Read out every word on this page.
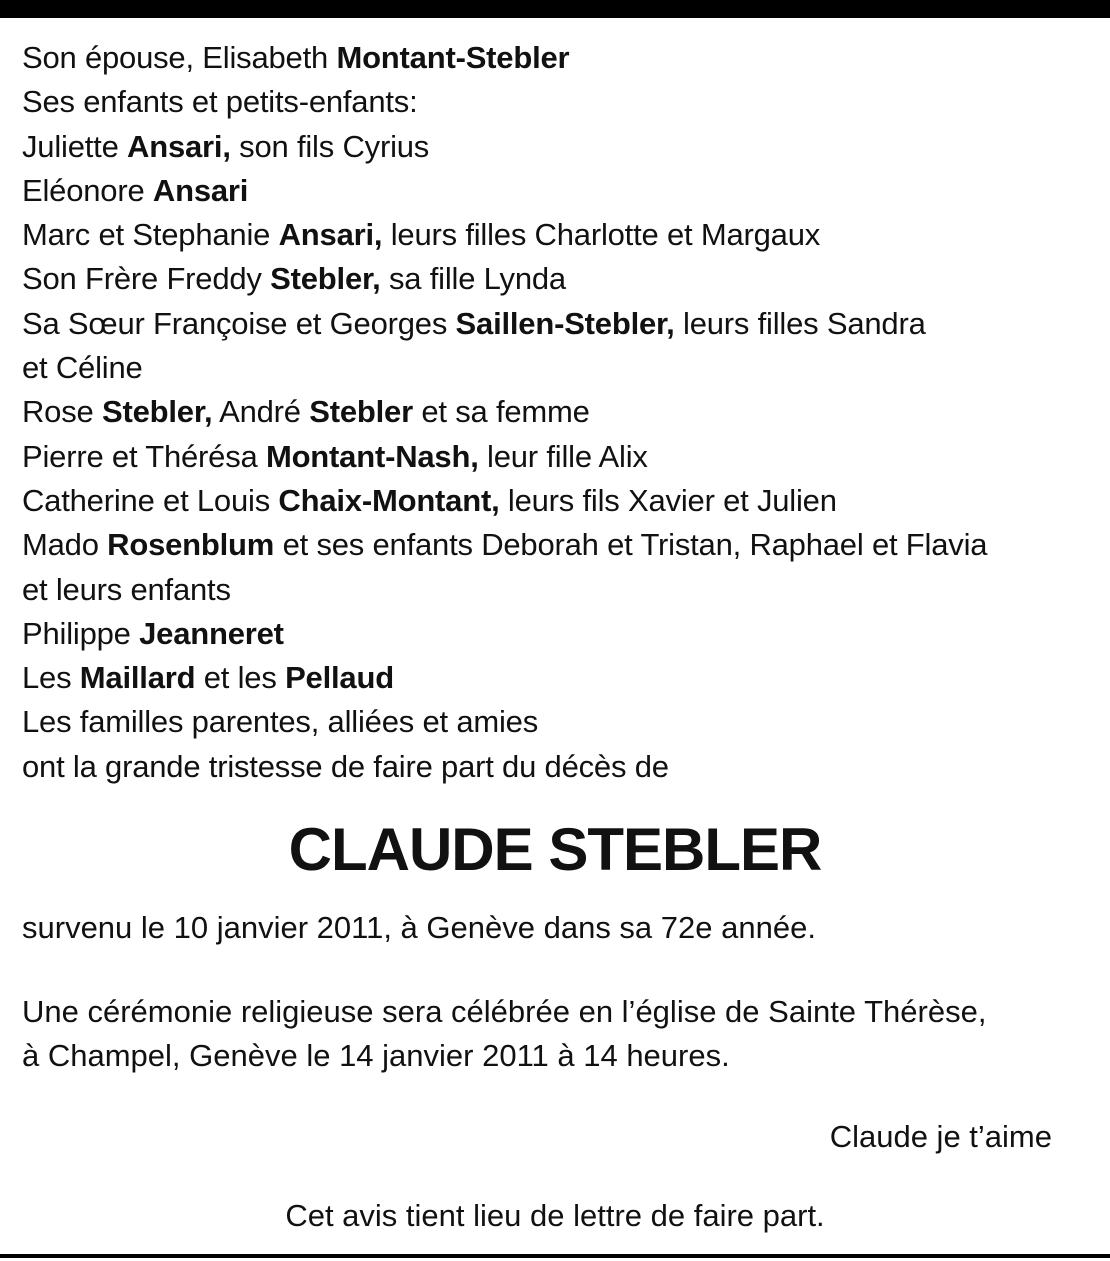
Son épouse, Elisabeth Montant-Stebler
Ses enfants et petits-enfants:
Juliette Ansari, son fils Cyrius
Eléonore Ansari
Marc et Stephanie Ansari, leurs filles Charlotte et Margaux
Son Frère Freddy Stebler, sa fille Lynda
Sa Sœur Françoise et Georges Saillen-Stebler, leurs filles Sandra
et Céline
Rose Stebler, André Stebler et sa femme
Pierre et Thérésa Montant-Nash, leur fille Alix
Catherine et Louis Chaix-Montant, leurs fils Xavier et Julien
Mado Rosenblum et ses enfants Deborah et Tristan, Raphael et Flavia
et leurs enfants
Philippe Jeanneret
Les Maillard et les Pellaud
Les familles parentes, alliées et amies
ont la grande tristesse de faire part du décès de
CLAUDE STEBLER
survenu le 10 janvier 2011, à Genève dans sa 72e année.
Une cérémonie religieuse sera célébrée en l’église de Sainte Thérèse,
à Champel, Genève le 14 janvier 2011 à 14 heures.
Claude je t’aime
Cet avis tient lieu de lettre de faire part.
